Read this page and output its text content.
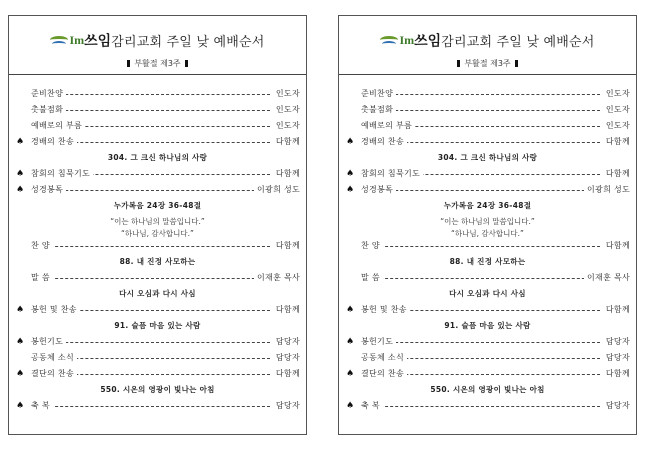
Im쓰임감리교회 주일 낮 예배순서
부활절 제3주
준비찬양	인도자
촛불점화	인도자
예배로의 부름	인도자
♠ 경배의 찬송	다함께
304. 그 크신 하나님의 사랑
♠ 참회의 침묵기도	다함께
♠ 성경봉독	이광희 성도
누가복음 24장 36-48절
“이는 하나님의 말씀입니다.”
“하나님, 감사합니다.”
찬 양	다함께
88. 내 진정 사모하는
말 씀	이재훈 목사
다시 오심과 다시 사심
♠ 봉헌 및 찬송	다함께
91. 슬픔 마음 있는 사람
♠ 봉헌기도	담당자
공동체 소식	담당자
♠ 결단의 찬송	다함께
550. 시온의 영광이 빛나는 아침
♠ 축 복	담당자
Im쓰임감리교회 주일 낮 예배순서
부활절 제3주
준비찬양	인도자
촛불점화	인도자
예배로의 부름	인도자
♠ 경배의 찬송	다함께
304. 그 크신 하나님의 사랑
♠ 참회의 침묵기도	다함께
♠ 성경봉독	이광희 성도
누가복음 24장 36-48절
“이는 하나님의 말씀입니다.”
“하나님, 감사합니다.”
찬 양	다함께
88. 내 진정 사모하는
말 씀	이재훈 목사
다시 오심과 다시 사심
♠ 봉헌 및 찬송	다함께
91. 슬픔 마음 있는 사람
♠ 봉헌기도	담당자
공동체 소식	담당자
♠ 결단의 찬송	다함께
550. 시온의 영광이 빛나는 아침
♠ 축 복	담당자
